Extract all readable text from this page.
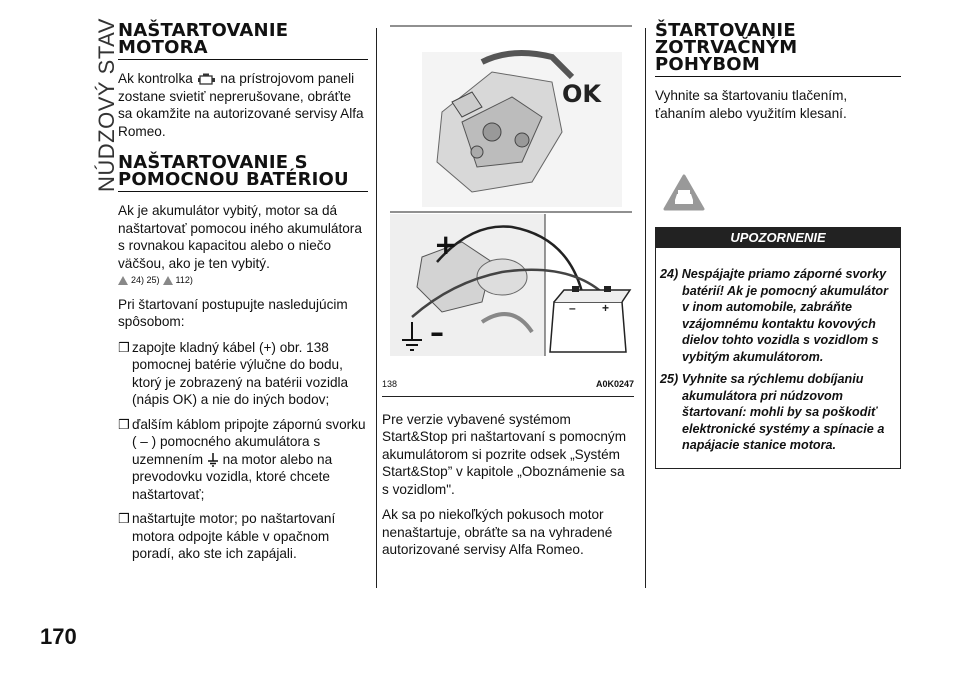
NÚDZOVÝ STAV NAŠTARTOVANIE
MOTORA

Ak kontrolka na prístrojovom paneli zostane svietiť neprerušovane, obráťte sa okamžite na autorizované servisy Alfa Romeo.

NAŠTARTOVANIE S
POMOCNOU BATÉRIOU

Ak je akumulátor vybitý, motor sa dá naštartovať pomocou iného akumulátora s rovnakou kapacitou alebo o niečo väčšou, ako je ten vybitý.

24) 25) 112)

Pri štartovaní postupujte nasledujúcim spôsobom:

❒ zapojte kladný kábel (+) obr. 138 pomocnej batérie výlučne do bodu, ktorý je zobrazený na batérii vozidla (nápis OK) a nie do iných bodov;
❒ ďalším káblom pripojte zápornú svorku ( – ) pomocného akumulátora s uzemnením na motor alebo na prevodovku vozidla, ktoré chcete naštartovať;
❒ naštartujte motor; po naštartovaní motora odpojte káble v opačnom poradí, ako ste ich zapájali.
OK
– +
+
–
138	A0K0247

Pre verzie vybavené systémom Start&Stop pri naštartovaní s pomocným akumulátorom si pozrite odsek „Systém Start&Stop” v kapitole „Oboznámenie sa s vozidlom".

Ak sa po niekoľkých pokusoch motor nenaštartuje, obráťte sa na vyhradené autorizované servisy Alfa Romeo.

ŠTARTOVANIE
ZOTRVAČNÝM POHYBOM

Vyhnite sa štartovaniu tlačením, ťahaním alebo využitím klesaní.

UPOZORNENIE
24) Nespájajte priamo záporné svorky batérií! Ak je pomocný akumulátor v inom automobile, zabráňte vzájomnému kontaktu kovových dielov tohto vozidla s vozidlom s vybitým akumulátorom.
25) Vyhnite sa rýchlemu dobíjaniu akumulátora pri núdzovom štartovaní: mohli by sa poškodiť elektronické systémy a spínacie a napájacie stanice motora.
170
